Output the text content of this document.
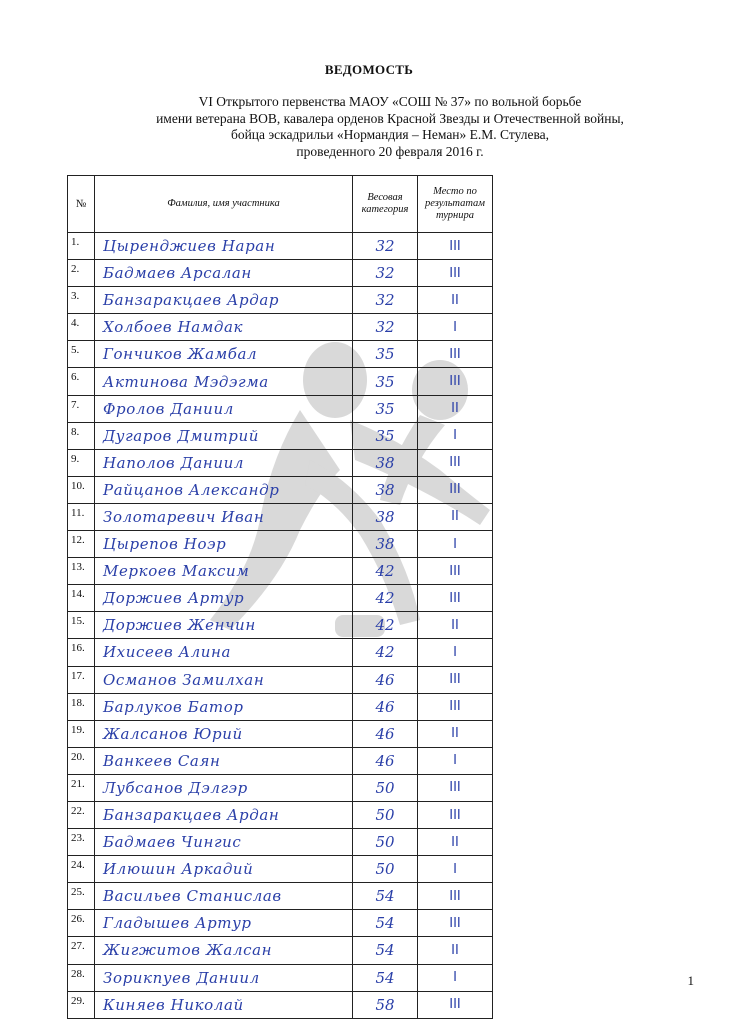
ВЕДОМОСТЬ
VI Открытого первенства МАОУ «СОШ № 37» по вольной борьбе
имени ветерана ВОВ, кавалера орденов Красной Звезды и Отечественной войны,
бойца эскадрильи «Нормандия – Неман» Е.М. Стулева,
проведенного 20 февраля 2016 г.
№	Фамилия, имя участника	Весовая категория	Место по результатам турнира
1.	Цыренджиев Наран	32	III
2.	Бадмаев Арсалан	32	III
3.	Банзаракцаев Ардар	32	II
4.	Холбоев Намдак	32	I
5.	Гончиков Жамбал	35	III
6.	Актинова Мэдэгма	35	III
7.	Фролов Даниил	35	II
8.	Дугаров Дмитрий	35	I
9.	Наполов Даниил	38	III
10.	Райцанов Александр	38	III
11.	Золотаревич Иван	38	II
12.	Цырепов Ноэр	38	I
13.	Меркоев Максим	42	III
14.	Доржиев Артур	42	III
15.	Доржиев Женчин	42	II
16.	Ихисеев Алина	42	I
17.	Османов Замилхан	46	III
18.	Барлуков Батор	46	III
19.	Жалсанов Юрий	46	II
20.	Ванкеев Саян	46	I
21.	Лубсанов Дэлгэр	50	III
22.	Банзаракцаев Ардан	50	III
23.	Бадмаев Чингис	50	II
24.	Илюшин Аркадий	50	I
25.	Васильев Станислав	54	III
26.	Гладышев Артур	54	III
27.	Жигжитов Жалсан	54	II
28.	Зорикпуев Даниил	54	I
29.	Киняев Николай	58	III
1
